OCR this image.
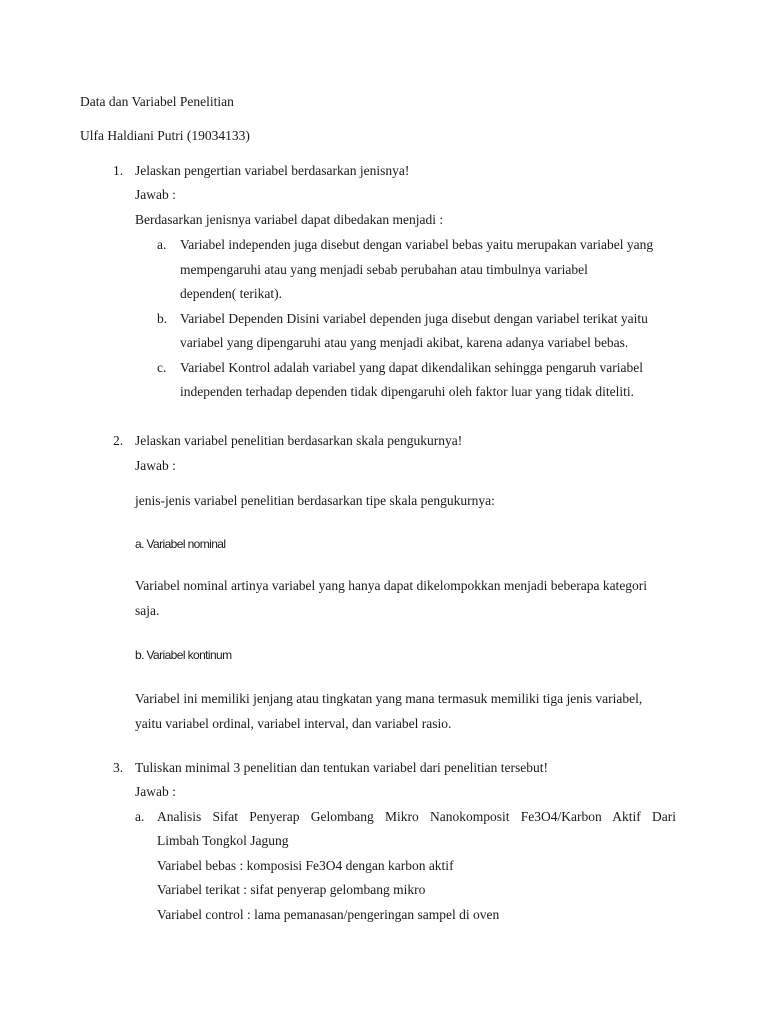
Data dan Variabel Penelitian
Ulfa Haldiani Putri (19034133)
1. Jelaskan pengertian variabel berdasarkan jenisnya!
Jawab :
Berdasarkan jenisnya variabel dapat dibedakan menjadi :
a. Variabel independen juga disebut dengan variabel bebas yaitu merupakan variabel yang
mempengaruhi atau yang menjadi sebab perubahan atau timbulnya variabel
dependen( terikat).
b. Variabel Dependen Disini variabel dependen juga disebut dengan variabel terikat yaitu
variabel yang dipengaruhi atau yang menjadi akibat, karena adanya variabel bebas.
c. Variabel Kontrol adalah variabel yang dapat dikendalikan sehingga pengaruh variabel
independen terhadap dependen tidak dipengaruhi oleh faktor luar yang tidak diteliti.
2. Jelaskan variabel penelitian berdasarkan skala pengukurnya!
Jawab :
jenis-jenis variabel penelitian berdasarkan tipe skala pengukurnya:
a. Variabel nominal
Variabel nominal artinya variabel yang hanya dapat dikelompokkan menjadi beberapa kategori
saja.
b. Variabel kontinum
Variabel ini memiliki jenjang atau tingkatan yang mana termasuk memiliki tiga jenis variabel,
yaitu variabel ordinal, variabel interval, dan variabel rasio.
3. Tuliskan minimal 3 penelitian dan tentukan variabel dari penelitian tersebut!
Jawab :
a. Analisis Sifat Penyerap Gelombang Mikro Nanokomposit Fe3O4/Karbon Aktif Dari
Limbah Tongkol Jagung
Variabel bebas : komposisi Fe3O4 dengan karbon aktif
Variabel terikat : sifat penyerap gelombang mikro
Variabel control : lama pemanasan/pengeringan sampel di oven
